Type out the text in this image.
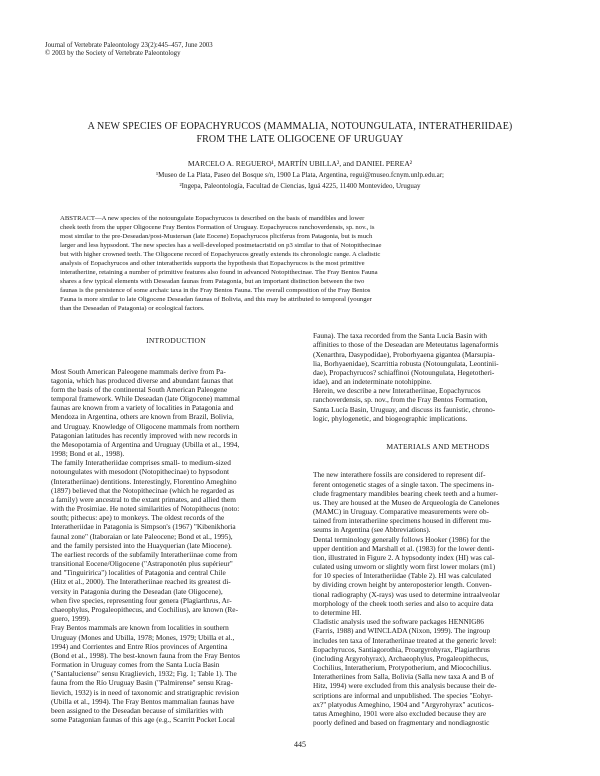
Journal of Vertebrate Paleontology 23(2):445–457, June 2003
© 2003 by the Society of Vertebrate Paleontology
A NEW SPECIES OF EOPACHYRUCOS (MAMMALIA, NOTOUNGULATA, INTERATHERIIDAE)
FROM THE LATE OLIGOCENE OF URUGUAY
MARCELO A. REGUERO¹, MARTÍN UBILLA², and DANIEL PEREA²
¹Museo de La Plata, Paseo del Bosque s/n, 1900 La Plata, Argentina, regui@museo.fcnym.unlp.edu.ar;
²Ingepa, Paleontología, Facultad de Ciencias, Iguá 4225, 11400 Montevideo, Uruguay
ABSTRACT—A new species of the notoungulate Eopachyrucos is described on the basis of mandibles and lower
cheek teeth from the upper Oligocene Fray Bentos Formation of Uruguay. Eopachyrucos ranchoverdensis, sp. nov., is
most similar to the pre-Deseadan/post-Mustersan (late Eocene) Eopachyrucos pliciferus from Patagonia, but is much
larger and less hypsodont. The new species has a well-developed postmetacristid on p3 similar to that of Notopithecinae
but with higher crowned teeth. The Oligocene record of Eopachyrucos greatly extends its chronologic range. A cladistic
analysis of Eopachyrucos and other interatheriids supports the hypothesis that Eopachyrucos is the most primitive
interatheriine, retaining a number of primitive features also found in advanced Notopithecinae. The Fray Bentos Fauna
shares a few typical elements with Deseadan faunas from Patagonia, but an important distinction between the two
faunas is the persistence of some archaic taxa in the Fray Bentos Fauna. The overall composition of the Fray Bentos
Fauna is more similar to late Oligocene Deseadan faunas of Bolivia, and this may be attributed to temporal (younger
than the Deseadan of Patagonia) or ecological factors.

INTRODUCTION

Most South American Paleogene mammals derive from Pa-
tagonia, which has produced diverse and abundant faunas that
form the basis of the continental South American Paleogene
temporal framework. While Deseadan (late Oligocene) mammal
faunas are known from a variety of localities in Patagonia and
Mendoza in Argentina, others are known from Brazil, Bolivia,
and Uruguay. Knowledge of Oligocene mammals from northern
Patagonian latitudes has recently improved with new records in
the Mesopotamia of Argentina and Uruguay (Ubilla et al., 1994,
1998; Bond et al., 1998).
The family Interatheriidae comprises small- to medium-sized
notoungulates with mesodont (Notopithecinae) to hypsodont
(Interatheriinae) dentitions. Interestingly, Florentino Ameghino
(1897) believed that the Notopithecinae (which he regarded as
a family) were ancestral to the extant primates, and allied them
with the Prosimiae. He noted similarities of Notopithecus (noto:
south; pithecus: ape) to monkeys. The oldest records of the
Interatheriidae in Patagonia is Simpson's (1967) "Kibenikhoria
faunal zone" (Itaboraian or late Paleocene; Bond et al., 1995),
and the family persisted into the Huayquerian (late Miocene).
The earliest records of the subfamily Interatheriinae come from
transitional Eocene/Oligocene ("Astraponotén plus supérieur"
and "Tinguiririca") localities of Patagonia and central Chile
(Hitz et al., 2000). The Interatheriinae reached its greatest di-
versity in Patagonia during the Deseadan (late Oligocene),
when five species, representing four genera (Plagiarthrus, Ar-
chaeophylus, Progaleopithecus, and Cochilius), are known (Re-
guero, 1999).
Fray Bentos mammals are known from localities in southern
Uruguay (Mones and Ubilla, 1978; Mones, 1979; Ubilla et al.,
1994) and Corrientes and Entre Ríos provinces of Argentina
(Bond et al., 1998). The best-known fauna from the Fray Bentos
Formation in Uruguay comes from the Santa Lucía Basin
("Santaluciense" sensu Kraglievich, 1932; Fig. 1; Table 1). The
fauna from the Río Uruguay Basin ("Palmirense" sensu Krag-
lievich, 1932) is in need of taxonomic and stratigraphic revision
(Ubilla et al., 1994). The Fray Bentos mammalian faunas have
been assigned to the Deseadan because of similarities with
some Patagonian faunas of this age (e.g., Scarritt Pocket Local

Fauna). The taxa recorded from the Santa Lucía Basin with
affinities to those of the Deseadan are Meteutatus lagenaformis
(Xenarthra, Dasypodidae), Proborhyaena gigantea (Marsupia-
lia, Borhyaenidae), Scarrittia robusta (Notoungulata, Leontinii-
dae), Propachyrucos? schiaffinoi (Notoungulata, Hegetotheri-
idae), and an indeterminate notohippine.
Herein, we describe a new Interatheriinae, Eopachyrucos
ranchoverdensis, sp. nov., from the Fray Bentos Formation,
Santa Lucía Basin, Uruguay, and discuss its faunistic, chrono-
logic, phylogenetic, and biogeographic implications.

MATERIALS AND METHODS

The new interathere fossils are considered to represent dif-
ferent ontogenetic stages of a single taxon. The specimens in-
clude fragmentary mandibles bearing cheek teeth and a humer-
us. They are housed at the Museo de Arqueología de Canelones
(MAMC) in Uruguay. Comparative measurements were ob-
tained from interatheriine specimens housed in different mu-
seums in Argentina (see Abbreviations).
Dental terminology generally follows Hooker (1986) for the
upper dentition and Marshall et al. (1983) for the lower denti-
tion, illustrated in Figure 2. A hypsodonty index (HI) was cal-
culated using unworn or slightly worn first lower molars (m1)
for 10 species of Interatheriidae (Table 2). HI was calculated
by dividing crown height by anteroposterior length. Conven-
tional radiography (X-rays) was used to determine intraalveolar
morphology of the cheek tooth series and also to acquire data
to determine HI.
Cladistic analysis used the software packages HENNIG86
(Farris, 1988) and WINCLADA (Nixon, 1999). The ingroup
includes ten taxa of Interatheriinae treated at the generic level:
Eopachyrucos, Santiagorothia, Proargyrohyrax, Plagiarthrus
(including Argyrohyrax), Archaeophylus, Progaleopithecus,
Cochilius, Interatherium, Protypotherium, and Miocochilius.
Interatheriines from Salla, Bolivia (Salla new taxa A and B of
Hitz, 1994) were excluded from this analysis because their de-
scriptions are informal and unpublished. The species "Eohyr-
ax?" platyodus Ameghino, 1904 and "Argyrohyrax" acuticos-
tatus Ameghino, 1901 were also excluded because they are
poorly defined and based on fragmentary and nondiagnostic

445
